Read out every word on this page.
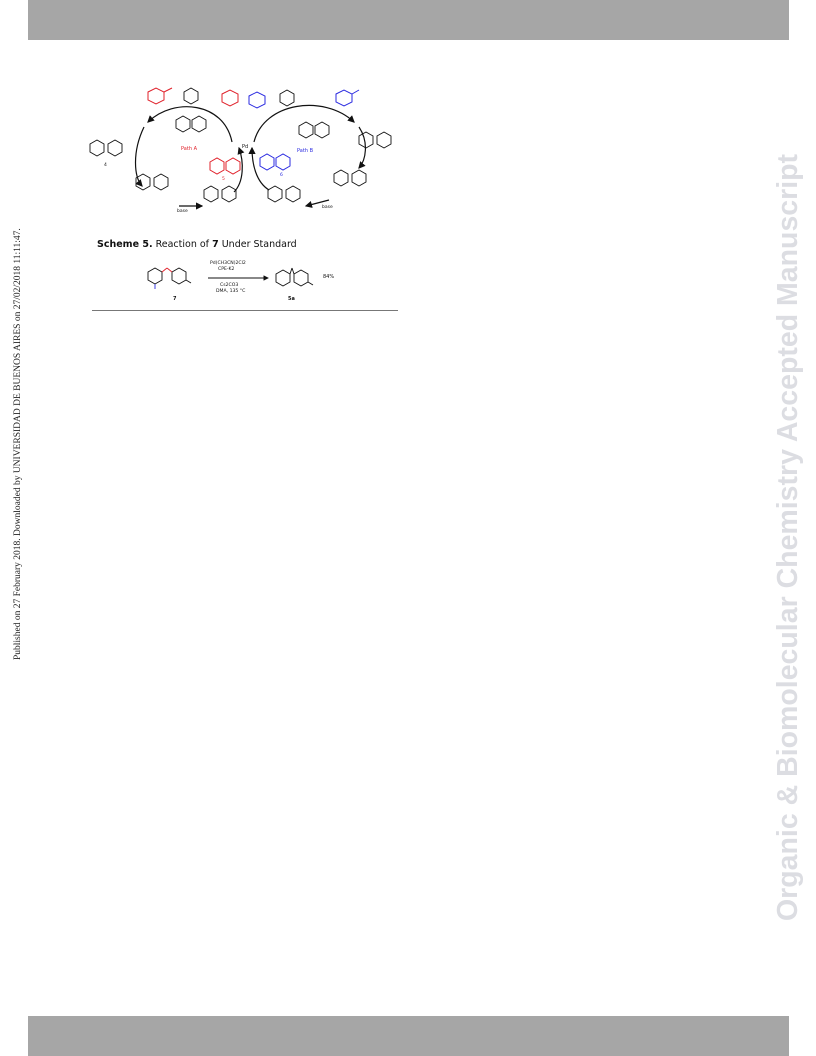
Published on 27 February 2018. Downloaded by UNIVERSIDAD DE BUENOS AIRES on 27/02/2018 11:11:47.	Organic & Biomolecular Chemistry Accepted Manuscript
Path A	Path B
Pd
base
base
4
5
6
Scheme 5. Reaction of 7 Under Standard
7
Pd(CH3CN)2Cl2
CPE-K2
Cs2CO3
DMA, 135 °C
5a
84%
